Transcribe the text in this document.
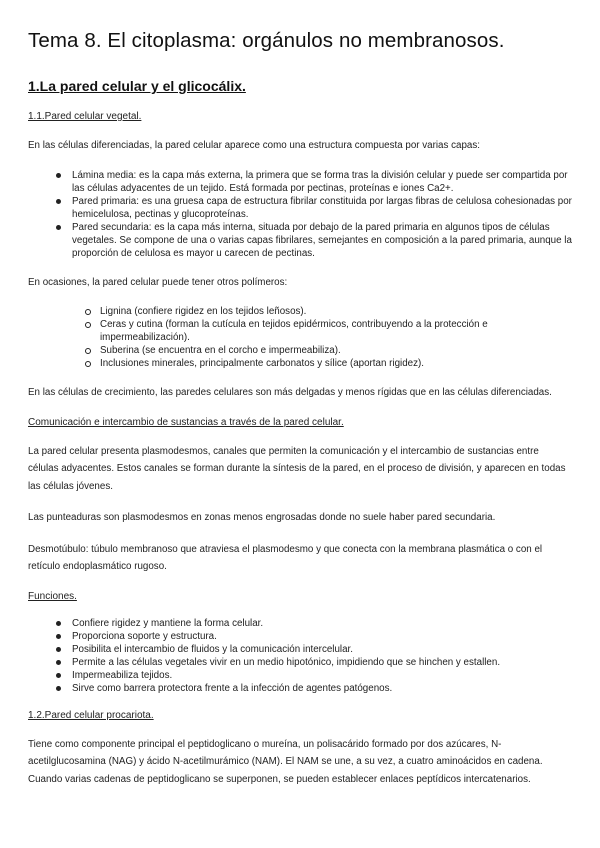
Tema 8. El citoplasma: orgánulos no membranosos.
1.La pared celular y el glicocálix.
1.1.Pared celular vegetal.

En las células diferenciadas, la pared celular aparece como una estructura compuesta por varias capas:

Lámina media: es la capa más externa, la primera que se forma tras la división celular y puede ser compartida por las células adyacentes de un tejido. Está formada por pectinas, proteínas e iones Ca2+.
Pared primaria: es una gruesa capa de estructura fibrilar constituida por largas fibras de celulosa cohesionadas por hemicelulosa, pectinas y glucoproteínas.
Pared secundaria: es la capa más interna, situada por debajo de la pared primaria en algunos tipos de células vegetales. Se compone de una o varias capas fibrilares, semejantes en composición a la pared primaria, aunque la proporción de celulosa es mayor u carecen de pectinas.

En ocasiones, la pared celular puede tener otros polímeros:

Lignina (confiere rigidez en los tejidos leñosos).
Ceras y cutina (forman la cutícula en tejidos epidérmicos, contribuyendo a la protección e impermeabilización).
Suberina (se encuentra en el corcho e impermeabiliza).
Inclusiones minerales, principalmente carbonatos y sílice (aportan rigidez).

En las células de crecimiento, las paredes celulares son más delgadas y menos rígidas que en las células diferenciadas.

Comunicación e intercambio de sustancias a través de la pared celular.

La pared celular presenta plasmodesmos, canales que permiten la comunicación y el intercambio de sustancias entre células adyacentes. Estos canales se forman durante la síntesis de la pared, en el proceso de división, y aparecen en todas las células jóvenes.

Las punteaduras son plasmodesmos en zonas menos engrosadas donde no suele haber pared secundaria.

Desmotúbulo: túbulo membranoso que atraviesa el plasmodesmo y que conecta con la membrana plasmática o con el retículo endoplasmático rugoso.

Funciones.
Confiere rigidez y mantiene la forma celular.
Proporciona soporte y estructura.
Posibilita el intercambio de fluidos y la comunicación intercelular.
Permite a las células vegetales vivir en un medio hipotónico, impidiendo que se hinchen y estallen.
Impermeabiliza tejidos.
Sirve como barrera protectora frente a la infección de agentes patógenos.
1.2.Pared celular procariota.

Tiene como componente principal el peptidoglicano o mureína, un polisacárido formado por dos azúcares, N-acetilglucosamina (NAG) y ácido N-acetilmurámico (NAM). El NAM se une, a su vez, a cuatro aminoácidos en cadena. Cuando varias cadenas de peptidoglicano se superponen, se pueden establecer enlaces peptídicos intercatenarios.
